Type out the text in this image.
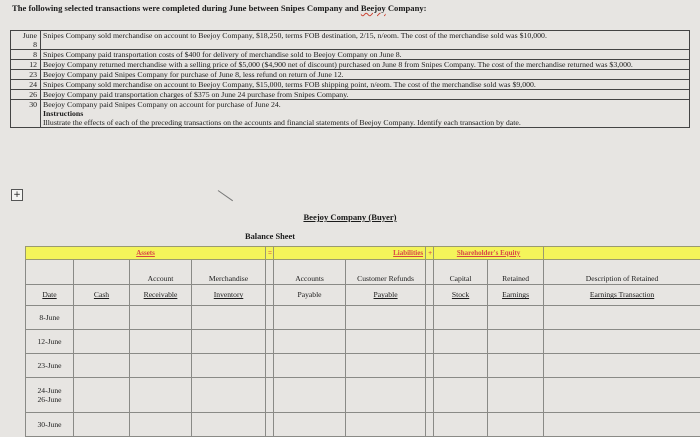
The following selected transactions were completed during June between Snipes Company and Beejoy Company:
June
8	Snipes Company sold merchandise on account to Beejoy Company, $18,250, terms FOB destination, 2/15, n/eom. The cost of the merchandise sold was $10,000.
8	Snipes Company paid transportation costs of $400 for delivery of merchandise sold to Beejoy Company on June 8.
12	Beejoy Company returned merchandise with a selling price of $5,000 ($4,900 net of discount) purchased on June 8 from Snipes Company. The cost of the merchandise returned was $3,000.
23	Beejoy Company paid Snipes Company for purchase of June 8, less refund on return of June 12.
24	Snipes Company sold merchandise on account to Beejoy Company, $15,000, terms FOB shipping point, n/eom. The cost of the merchandise sold was $9,000.
26	Beejoy Company paid transportation charges of $375 on June 24 purchase from Snipes Company.
30	Beejoy Company paid Snipes Company on account for purchase of June 24.
Instructions
Illustrate the effects of each of the preceding transactions on the accounts and financial statements of Beejoy Company. Identify each transaction by date.
+
Beejoy Company (Buyer)
Balance Sheet
Assets				=	Liabilities		+	Shareholder's Equity		
		Account	Merchandise		Accounts	Customer Refunds		Capital	Retained	Description of Retained
Date	Cash	Receivable	Inventory		Payable	Payable		Stock	Earnings	Earnings Transaction
8-June										
12-June										
23-June										
24-June
26-June										
30-June										
